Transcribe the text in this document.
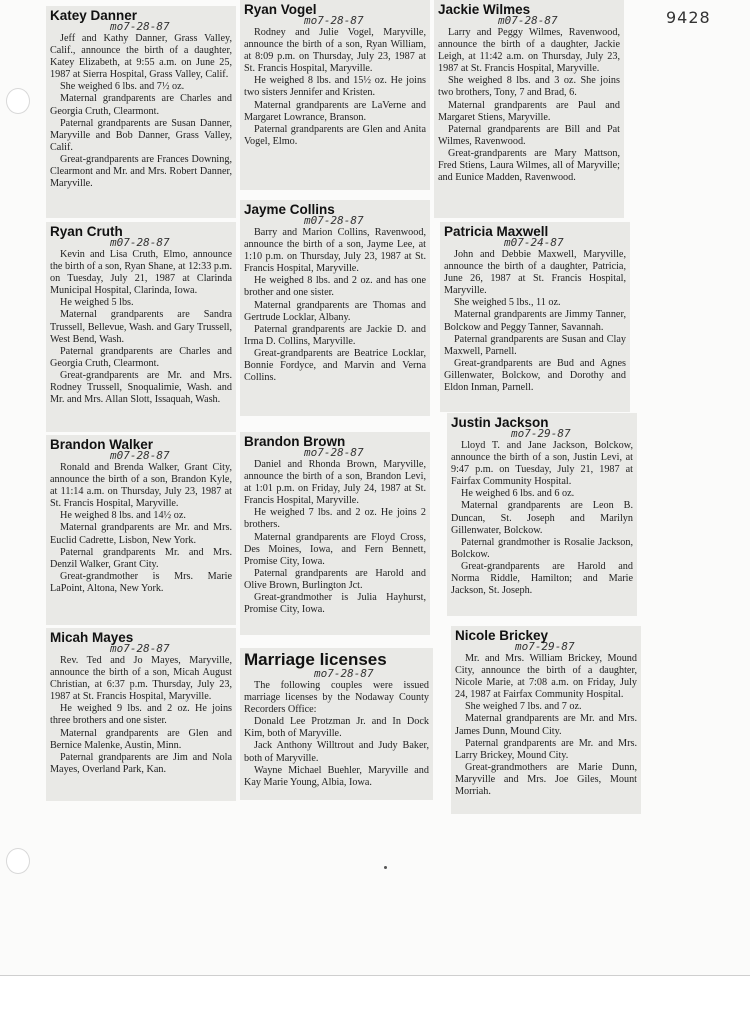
9428
Katey Danner
mo7-28-87

Jeff and Kathy Danner, Grass Valley, Calif., announce the birth of a daughter, Katey Elizabeth, at 9:55 a.m. on June 25, 1987 at Sierra Hospital, Grass Valley, Calif.

She weighed 6 lbs. and 7½ oz.

Maternal grandparents are Charles and Georgia Cruth, Clearmont.

Paternal grandparents are Susan Danner, Maryville and Bob Danner, Grass Valley, Calif.

Great-grandparents are Frances Downing, Clearmont and Mr. and Mrs. Robert Danner, Maryville.

Ryan Cruth
m07-28-87

Kevin and Lisa Cruth, Elmo, announce the birth of a son, Ryan Shane, at 12:33 p.m. on Tuesday, July 21, 1987 at Clarinda Municipal Hospital, Clarinda, Iowa.

He weighed 5 lbs.

Maternal grandparents are Sandra Trussell, Bellevue, Wash. and Gary Trussell, West Bend, Wash.

Paternal grandparents are Charles and Georgia Cruth, Clearmont.

Great-grandparents are Mr. and Mrs. Rodney Trussell, Snoqualimie, Wash. and Mr. and Mrs. Allan Slott, Issaquah, Wash.

Brandon Walker
m07-28-87

Ronald and Brenda Walker, Grant City, announce the birth of a son, Brandon Kyle, at 11:14 a.m. on Thursday, July 23, 1987 at St. Francis Hospital, Maryville.

He weighed 8 lbs. and 14½ oz.

Maternal grandparents are Mr. and Mrs. Euclid Cadrette, Lisbon, New York.

Paternal grandparents Mr. and Mrs. Denzil Walker, Grant City.

Great-grandmother is Mrs. Marie LaPoint, Altona, New York.

Micah Mayes
mo7-28-87

Rev. Ted and Jo Mayes, Maryville, announce the birth of a son, Micah August Christian, at 6:37 p.m. Thursday, July 23, 1987 at St. Francis Hospital, Maryville.

He weighed 9 lbs. and 2 oz. He joins three brothers and one sister.

Maternal grandparents are Glen and Bernice Malenke, Austin, Minn.

Paternal grandparents are Jim and Nola Mayes, Overland Park, Kan.

Ryan Vogel
mo7-28-87

Rodney and Julie Vogel, Maryville, announce the birth of a son, Ryan William, at 8:09 p.m. on Thursday, July 23, 1987 at St. Francis Hospital, Maryville.

He weighed 8 lbs. and 15½ oz. He joins two sisters Jennifer and Kristen.

Maternal grandparents are LaVerne and Margaret Lowrance, Branson.

Paternal grandparents are Glen and Anita Vogel, Elmo.

Jayme Collins
m07-28-87

Barry and Marion Collins, Ravenwood, announce the birth of a son, Jayme Lee, at 1:10 p.m. on Thursday, July 23, 1987 at St. Francis Hospital, Maryville.

He weighed 8 lbs. and 2 oz. and has one brother and one sister.

Maternal grandparents are Thomas and Gertrude Locklar, Albany.

Paternal grandparents are Jackie D. and Irma D. Collins, Maryville.

Great-grandparents are Beatrice Locklar, Bonnie Fordyce, and Marvin and Verna Collins.

Brandon Brown
mo7-28-87

Daniel and Rhonda Brown, Maryville, announce the birth of a son, Brandon Levi, at 1:01 p.m. on Friday, July 24, 1987 at St. Francis Hospital, Maryville.

He weighed 7 lbs. and 2 oz. He joins 2 brothers.

Maternal grandparents are Floyd Cross, Des Moines, Iowa, and Fern Bennett, Promise City, Iowa.

Paternal grandparents are Harold and Olive Brown, Burlington Jct.

Great-grandmother is Julia Hayhurst, Promise City, Iowa.

Marriage licenses
mo7-28-87

The following couples were issued marriage licenses by the Nodaway County Recorders Office:

Donald Lee Protzman Jr. and In Dock Kim, both of Maryville.

Jack Anthony Willtrout and Judy Baker, both of Maryville.

Wayne Michael Buehler, Maryville and Kay Marie Young, Albia, Iowa.

Jackie Wilmes
m07-28-87

Larry and Peggy Wilmes, Ravenwood, announce the birth of a daughter, Jackie Leigh, at 11:42 a.m. on Thursday, July 23, 1987 at St. Francis Hospital, Maryville.

She weighed 8 lbs. and 3 oz. She joins two brothers, Tony, 7 and Brad, 6.

Maternal grandparents are Paul and Margaret Stiens, Maryville.

Paternal grandparents are Bill and Pat Wilmes, Ravenwood.

Great-grandparents are Mary Mattson, Fred Stiens, Laura Wilmes, all of Maryville; and Eunice Madden, Ravenwood.

Patricia Maxwell
m07-24-87

John and Debbie Maxwell, Maryville, announce the birth of a daughter, Patricia, June 26, 1987 at St. Francis Hospital, Maryville.

She weighed 5 lbs., 11 oz.

Maternal grandparents are Jimmy Tanner, Bolckow and Peggy Tanner, Savannah.

Paternal grandparents are Susan and Clay Maxwell, Parnell.

Great-grandparents are Bud and Agnes Gillenwater, Bolckow, and Dorothy and Eldon Inman, Parnell.

Justin Jackson
mo7-29-87

Lloyd T. and Jane Jackson, Bolckow, announce the birth of a son, Justin Levi, at 9:47 p.m. on Tuesday, July 21, 1987 at Fairfax Community Hospital.

He weighed 6 lbs. and 6 oz.

Maternal grandparents are Leon B. Duncan, St. Joseph and Marilyn Gillenwater, Bolckow.

Paternal grandmother is Rosalie Jackson, Bolckow.

Great-grandparents are Harold and Norma Riddle, Hamilton; and Marie Jackson, St. Joseph.

Nicole Brickey
mo7-29-87

Mr. and Mrs. William Brickey, Mound City, announce the birth of a daughter, Nicole Marie, at 7:08 a.m. on Friday, July 24, 1987 at Fairfax Community Hospital.

She weighed 7 lbs. and 7 oz.

Maternal grandparents are Mr. and Mrs. James Dunn, Mound City.

Paternal grandparents are Mr. and Mrs. Larry Brickey, Mound City.

Great-grandmothers are Marie Dunn, Maryville and Mrs. Joe Giles, Mount Morriah.
